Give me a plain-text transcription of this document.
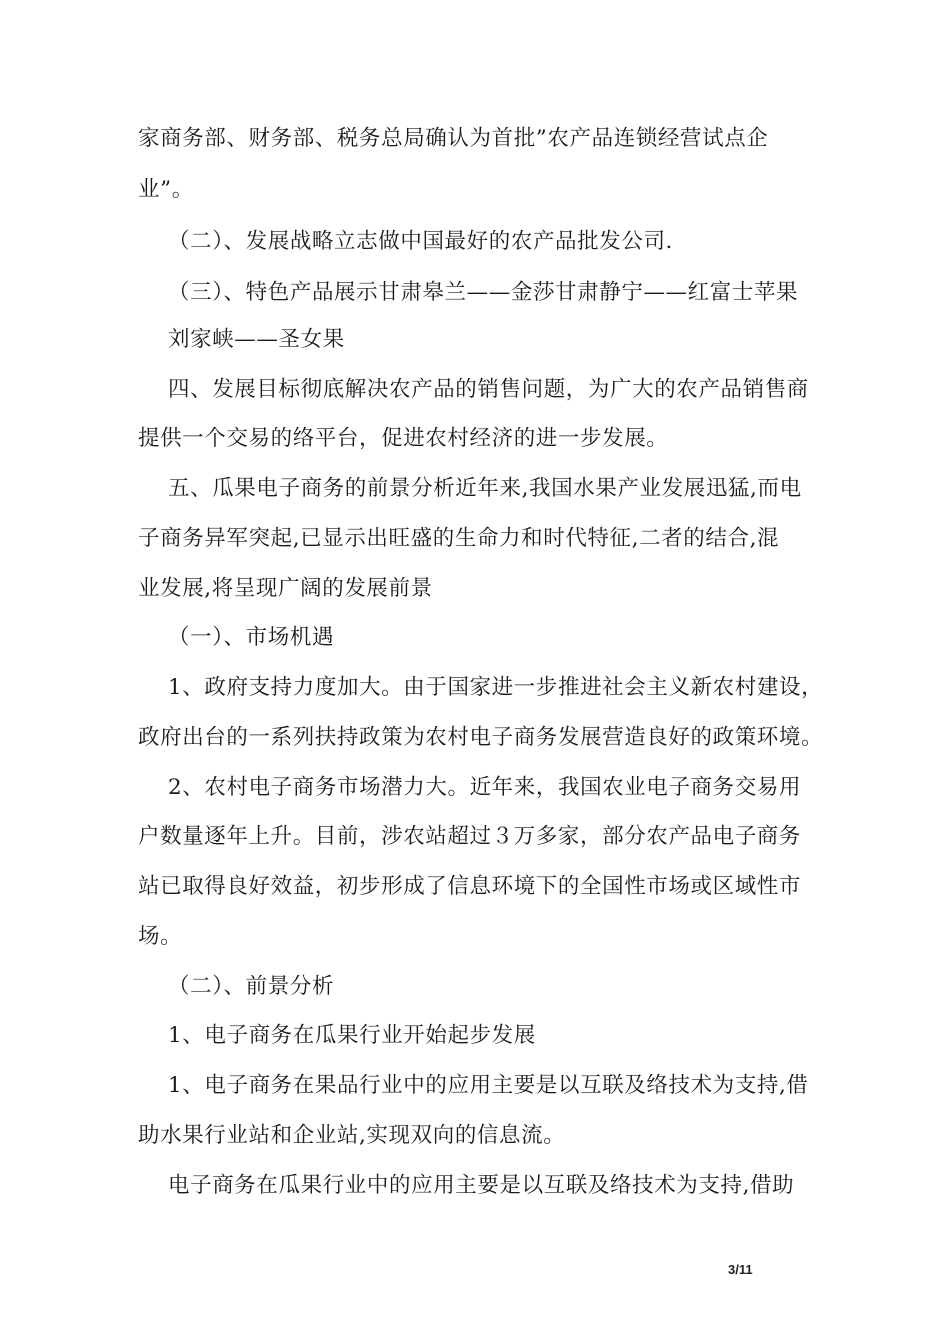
家商务部、财务部、税务总局确认为首批”农产品连锁经营试点企
业”。
（二）、发展战略立志做中国最好的农产品批发公司.
（三）、特色产品展示甘肃皋兰——金莎甘肃静宁——红富士苹果
刘家峡——圣女果
四、发展目标彻底解决农产品的销售问题，为广大的农产品销售商
提供一个交易的络平台，促进农村经济的进一步发展。
五、瓜果电子商务的前景分析近年来,我国水果产业发展迅猛,而电
子商务异军突起,已显示出旺盛的生命力和时代特征,二者的结合,混
业发展,将呈现广阔的发展前景
（一）、市场机遇
1、政府支持力度加大。由于国家进一步推进社会主义新农村建设，
政府出台的一系列扶持政策为农村电子商务发展营造良好的政策环境。
2、农村电子商务市场潜力大。近年来，我国农业电子商务交易用
户数量逐年上升。目前，涉农站超过３万多家，部分农产品电子商务
站已取得良好效益，初步形成了信息环境下的全国性市场或区域性市
场。
（二）、前景分析
1、电子商务在瓜果行业开始起步发展
1、电子商务在果品行业中的应用主要是以互联及络技术为支持,借
助水果行业站和企业站,实现双向的信息流。
电子商务在瓜果行业中的应用主要是以互联及络技术为支持,借助
3/11
